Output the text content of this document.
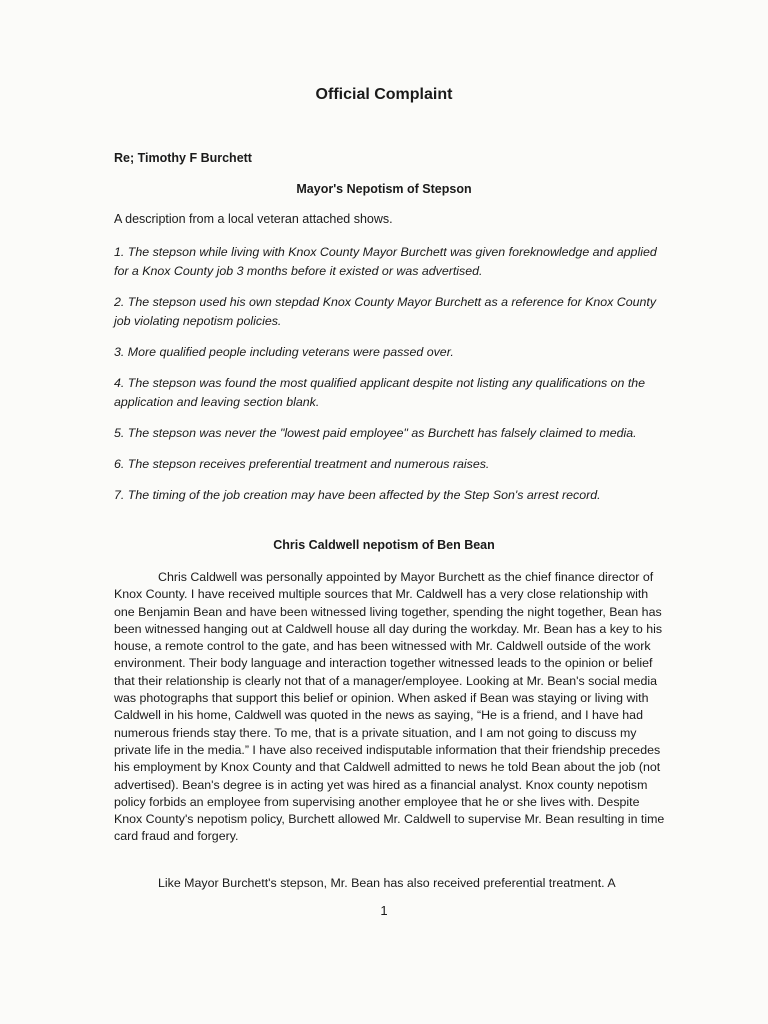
Official Complaint
Re; Timothy F Burchett
Mayor's Nepotism of Stepson
A description from a local veteran attached shows.
1. The stepson while living with Knox County Mayor Burchett was given foreknowledge and applied for a Knox County job 3 months before it existed or was advertised.
2. The stepson used his own stepdad Knox County Mayor Burchett as a reference for Knox County job violating nepotism policies.
3. More qualified people including veterans were passed over.
4. The stepson was found the most qualified applicant despite not listing any qualifications on the application and leaving section blank.
5. The stepson was never the "lowest paid employee" as Burchett has falsely claimed to media.
6. The stepson receives preferential treatment and numerous raises.
7. The timing of the job creation may have been affected by the Step Son's arrest record.
Chris Caldwell nepotism of Ben Bean

Chris Caldwell was personally appointed by Mayor Burchett as the chief finance director of Knox County. I have received multiple sources that Mr. Caldwell has a very close relationship with one Benjamin Bean and have been witnessed living together, spending the night together, Bean has been witnessed hanging out at Caldwell house all day during the workday. Mr. Bean has a key to his house, a remote control to the gate, and has been witnessed with Mr. Caldwell outside of the work environment. Their body language and interaction together witnessed leads to the opinion or belief that their relationship is clearly not that of a manager/employee. Looking at Mr. Bean's social media was photographs that support this belief or opinion. When asked if Bean was staying or living with Caldwell in his home, Caldwell was quoted in the news as saying, “He is a friend, and I have had numerous friends stay there. To me, that is a private situation, and I am not going to discuss my private life in the media.” I have also received indisputable information that their friendship precedes his employment by Knox County and that Caldwell admitted to news he told Bean about the job (not advertised). Bean's degree is in acting yet was hired as a financial analyst. Knox county nepotism policy forbids an employee from supervising another employee that he or she lives with. Despite Knox County's nepotism policy, Burchett allowed Mr. Caldwell to supervise Mr. Bean resulting in time card fraud and forgery.

Like Mayor Burchett's stepson, Mr. Bean has also received preferential treatment. A

1
